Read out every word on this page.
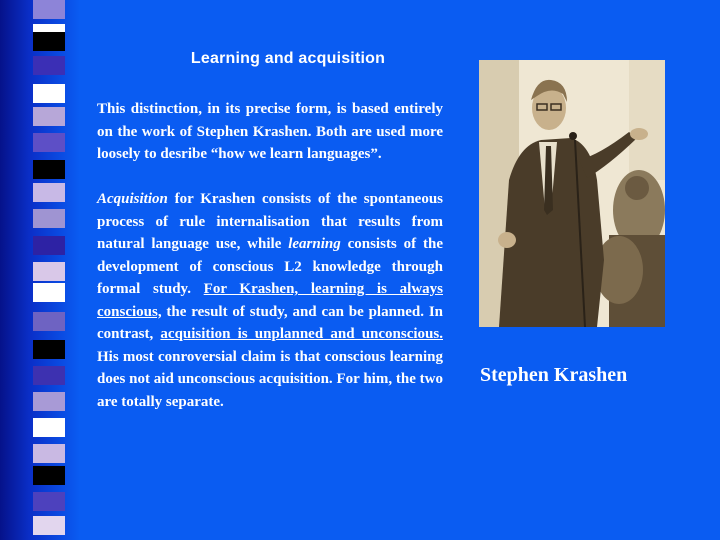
Learning and acquisition

This distinction, in its precise form, is based entirely on the work of Stephen Krashen. Both are used more loosely to desribe “how we learn languages”.

Acquisition for Krashen consists of the spontaneous process of rule internalisation that results from natural language use, while learning consists of the development of conscious L2 knowledge through formal study. For Krashen, learning is always conscious, the result of study, and can be planned. In contrast, acquisition is unplanned and unconscious. His most conroversial claim is that conscious learning does not aid unconscious acquisition. For him, the two are totally separate.

Stephen Krashen
